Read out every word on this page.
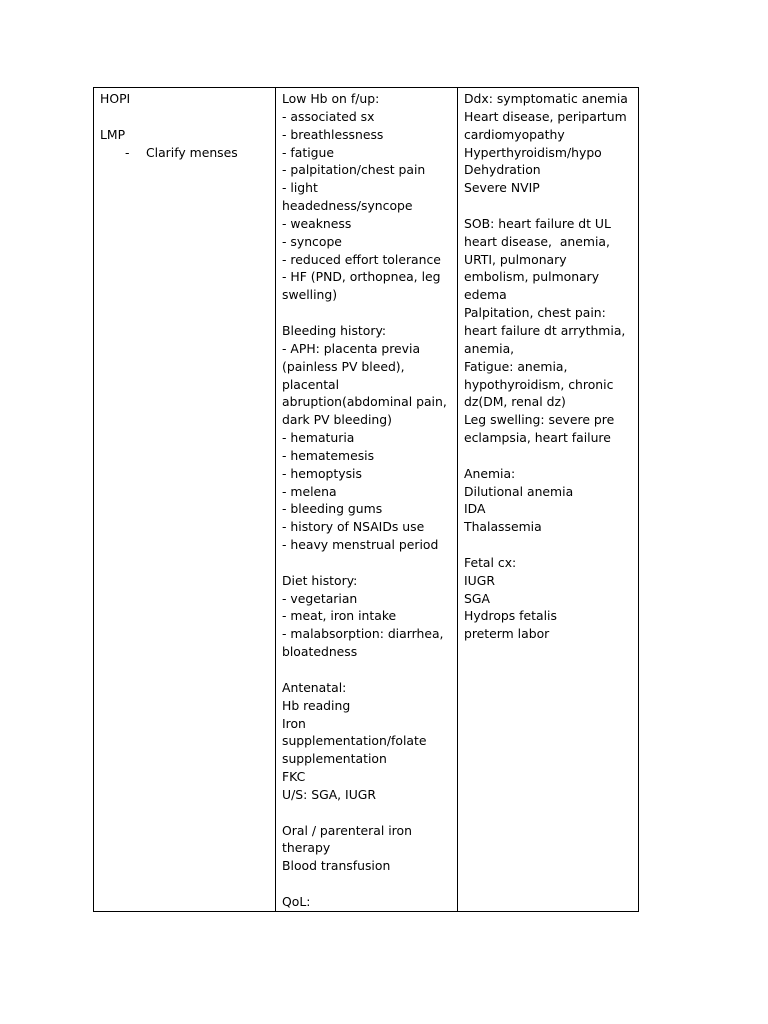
HOPI
LMP
-	Clarify menses

Low Hb on f/up:
- associated sx
- breathlessness
- fatigue
- palpitation/chest pain
- light headedness/syncope
- weakness
- syncope
- reduced effort tolerance
- HF (PND, orthopnea, leg swelling)
Bleeding history:
- APH: placenta previa (painless PV bleed), placental abruption(abdominal pain, dark PV bleeding)
- hematuria
- hematemesis
- hemoptysis
- melena
- bleeding gums
- history of NSAIDs use
- heavy menstrual period
Diet history:
- vegetarian
- meat, iron intake
- malabsorption: diarrhea, bloatedness
Antenatal:
Hb reading
Iron supplementation/folate supplementation
FKC
U/S: SGA, IUGR
Oral / parenteral iron therapy
Blood transfusion
QoL:

Ddx: symptomatic anemia
Heart disease, peripartum cardiomyopathy
Hyperthyroidism/hypo
Dehydration
Severe NVIP
SOB: heart failure dt UL heart disease,  anemia, URTI, pulmonary embolism, pulmonary edema
Palpitation, chest pain: heart failure dt arrythmia, anemia,
Fatigue: anemia, hypothyroidism, chronic dz(DM, renal dz)
Leg swelling: severe pre eclampsia, heart failure
Anemia:
Dilutional anemia
IDA
Thalassemia
Fetal cx:
IUGR
SGA
Hydrops fetalis
preterm labor
